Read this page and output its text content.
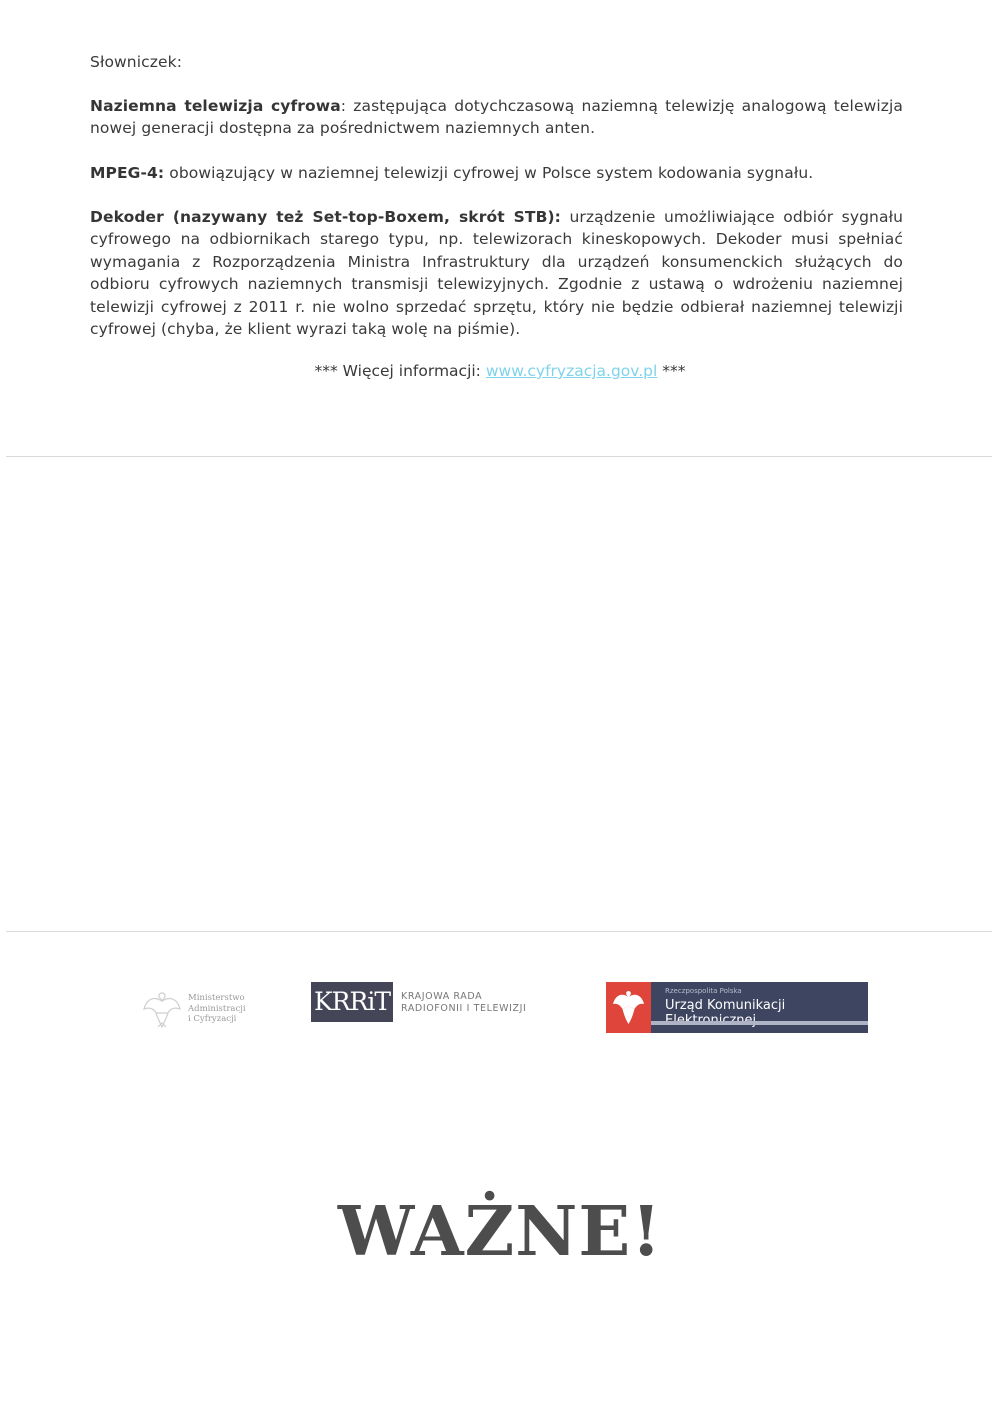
Słowniczek:

Naziemna telewizja cyfrowa: zastępująca dotychczasową naziemną telewizję analogową telewizja nowej generacji dostępna za pośrednictwem naziemnych anten.

MPEG-4: obowiązujący w naziemnej telewizji cyfrowej w Polsce system kodowania sygnału.

Dekoder (nazywany też Set-top-Boxem, skrót STB): urządzenie umożliwiające odbiór sygnału cyfrowego na odbiornikach starego typu, np. telewizorach kineskopowych. Dekoder musi spełniać wymagania z Rozporządzenia Ministra Infrastruktury dla urządzeń konsumenckich służących do odbioru cyfrowych naziemnych transmisji telewizyjnych. Zgodnie z ustawą o wdrożeniu naziemnej telewizji cyfrowej z 2011 r. nie wolno sprzedać sprzętu, który nie będzie odbierał naziemnej telewizji cyfrowej (chyba, że klient wyrazi taką wolę na piśmie).

*** Więcej informacji: www.cyfryzacja.gov.pl ***
Ministerstwo
Administracji
i Cyfryzacji
KRRiT	KRAJOWA RADA
RADIOFONII I TELEWIZJI
Rzeczpospolita Polska
Urząd Komunikacji
WAŻNE!
